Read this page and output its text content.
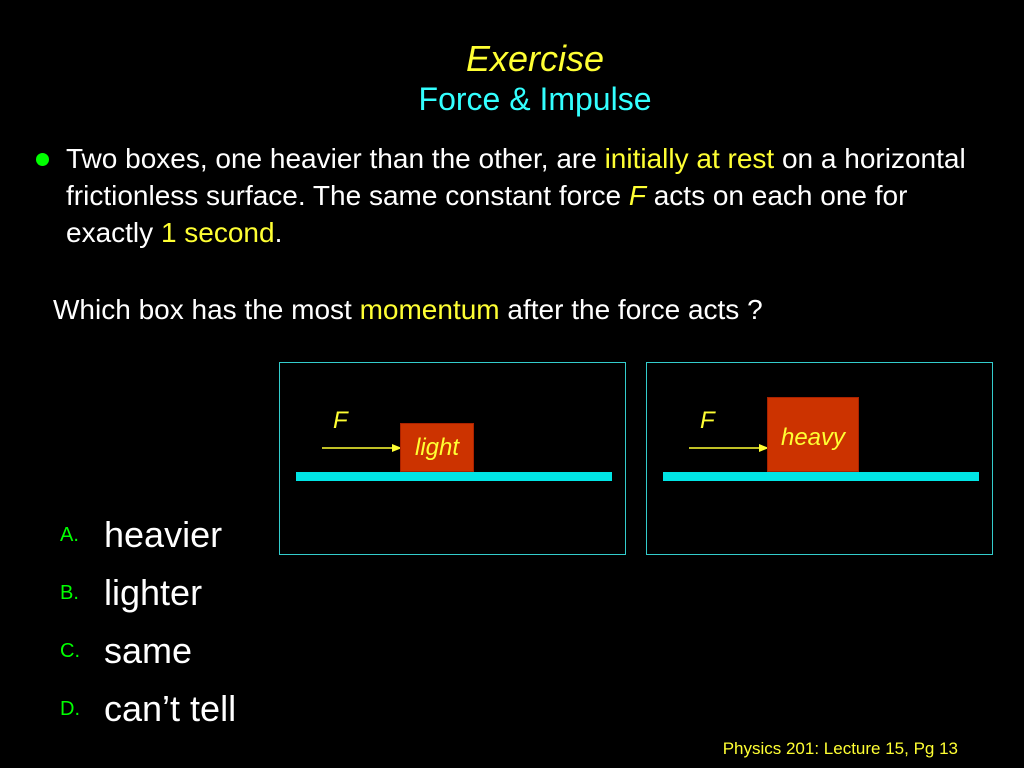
Exercise
Force & Impulse
Two boxes, one heavier than the other, are initially at rest on a horizontal frictionless surface. The same constant force F acts on each one for exactly 1 second.
Which box has the most momentum after the force acts ?
F
light
F
heavy
A. heavier
B. lighter
C. same
D. can’t tell
Physics 201: Lecture 15, Pg 13
